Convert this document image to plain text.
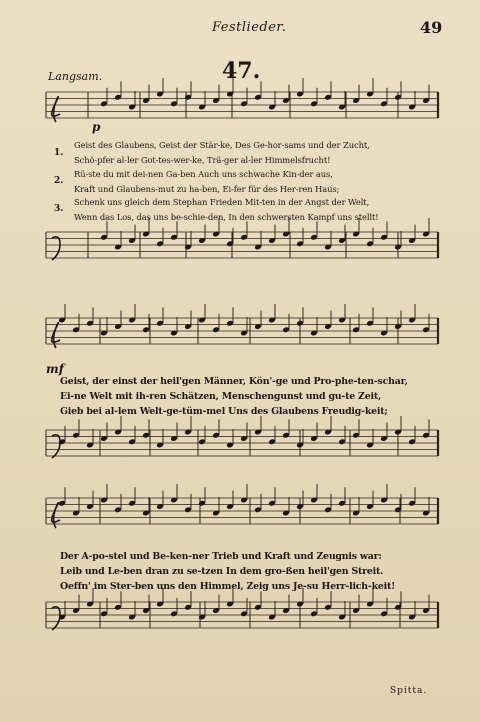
Festlieder.	49
47.
Langsam.
p
1.
Geist des Glaubens, Geist der Stär-ke, Des Ge-hor-sams und der Zucht,
Schö-pfer al-ler Got-tes-wer-ke, Trä-ger al-ler Himmelsfrucht!
2.
Rü-ste du mit dei-nen Ga-ben Auch uns schwache Kin-der aus,
Kraft und Glaubens-mut zu ha-ben, Ei-fer für des Her-ren Haus;
3.
Schenk uns gleich dem Stephan Frieden Mit-ten in der Angst der Welt,
Wenn das Los, das uns be-schie-den, In den schwersten Kampf uns stellt!
mf
Geist, der einst der heil'gen Männer, Kön'-ge und Pro-phe-ten-schar,
Ei-ne Welt mit ih-ren Schätzen, Menschengunst und gu-te Zeit,
Gieb bei al-lem Welt-ge-tüm-mel Uns des Glaubens Freudig-keit;
Der A-po-stel und Be-ken-ner Trieb und Kraft und Zeugnis war:
Leib und Le-ben dran zu se-tzen In dem gro-ßen heil'gen Streit.
Oeffn' im Ster-ben uns den Himmel, Zeig uns Je-su Herr-lich-keit!
Spitta.
